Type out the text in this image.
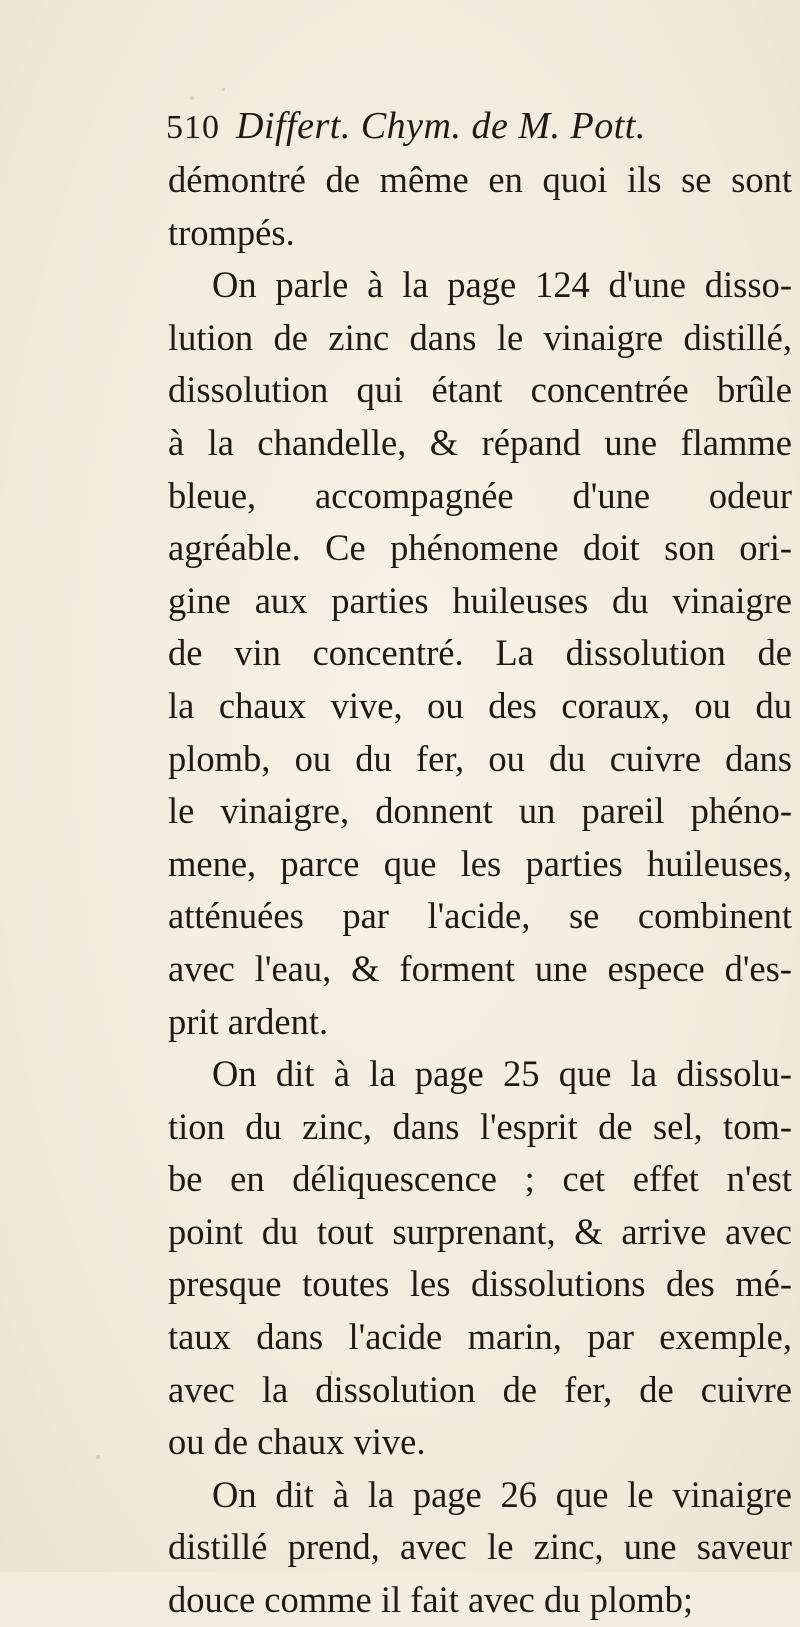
510 Differt. Chym. de M. Pott.
démontré de même en quoi ils se sont
trompés.
On parle à la page 124 d'une disso-
lution de zinc dans le vinaigre distillé,
dissolution qui étant concentrée brûle
à la chandelle, & répand une flamme
bleue, accompagnée d'une odeur
agréable. Ce phénomene doit son ori-
gine aux parties huileuses du vinaigre
de vin concentré. La dissolution de
la chaux vive, ou des coraux, ou du
plomb, ou du fer, ou du cuivre dans
le vinaigre, donnent un pareil phéno-
mene, parce que les parties huileuses,
atténuées par l'acide, se combinent
avec l'eau, & forment une espece d'es-
prit ardent.
On dit à la page 25 que la dissolu-
tion du zinc, dans l'esprit de sel, tom-
be en déliquescence ; cet effet n'est
point du tout surprenant, & arrive avec
presque toutes les dissolutions des mé-
taux dans l'acide marin, par exemple,
avec la dissolution de fer, de cuivre
ou de chaux vive.
On dit à la page 26 que le vinaigre
distillé prend, avec le zinc, une saveur
douce comme il fait avec du plomb;
